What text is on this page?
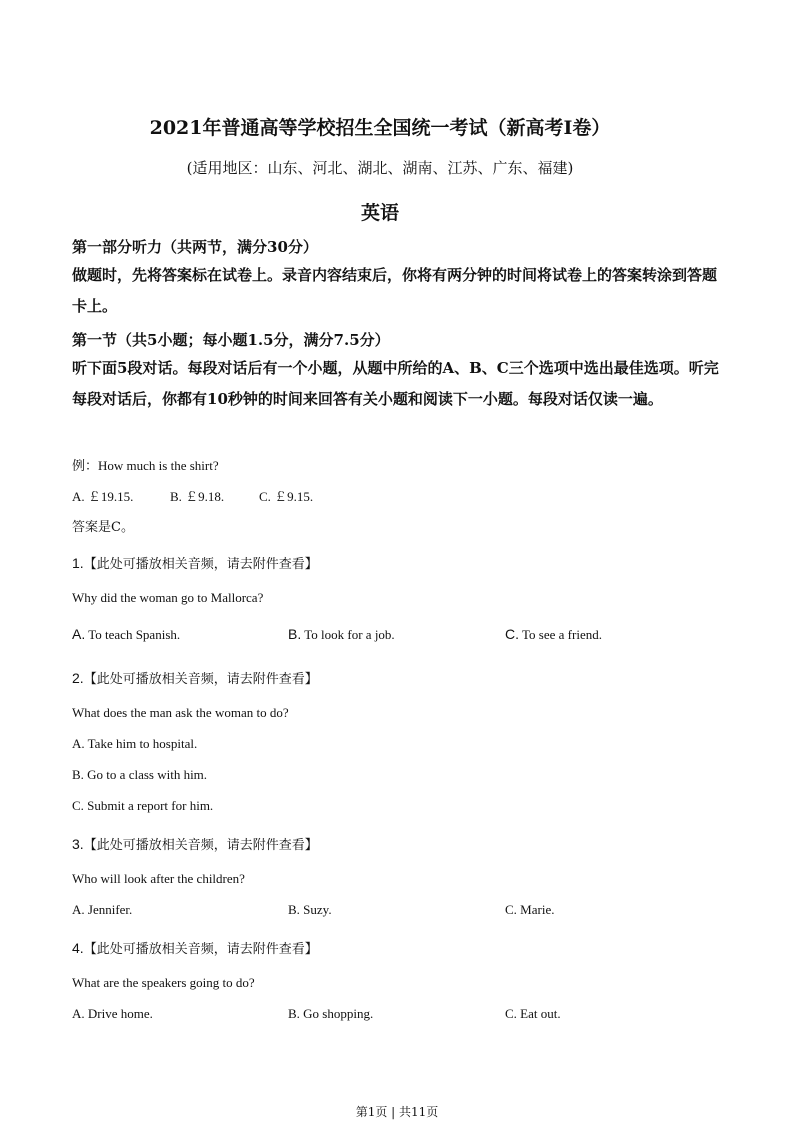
2021年普通高等学校招生全国统一考试（新高考I卷）
(适用地区：山东、河北、湖北、湖南、江苏、广东、福建)
英语
第一部分听力（共两节，满分30分）
做题时，先将答案标在试卷上。录音内容结束后，你将有两分钟的时间将试卷上的答案转涂到答题卡上。
第一节（共5小题；每小题1.5分，满分7.5分）
听下面5段对话。每段对话后有一个小题，从题中所给的A、B、C三个选项中选出最佳选项。听完每段对话后，你都有10秒钟的时间来回答有关小题和阅读下一小题。每段对话仅读一遍。
例：How much is the shirt?
A. ￡19.15.	B. ￡9.18.	C. ￡9.15.
答案是C。
1.【此处可播放相关音频，请去附件查看】
Why did the woman go to Mallorca?
A. To teach Spanish.	B. To look for a job.	C. To see a friend.
2.【此处可播放相关音频，请去附件查看】
What does the man ask the woman to do?
A. Take him to hospital.
B. Go to a class with him.
C. Submit a report for him.
3.【此处可播放相关音频，请去附件查看】
Who will look after the children?
A. Jennifer.	B. Suzy.	C. Marie.
4.【此处可播放相关音频，请去附件查看】
What are the speakers going to do?
A. Drive home.	B. Go shopping.	C. Eat out.
第1页 | 共11页
